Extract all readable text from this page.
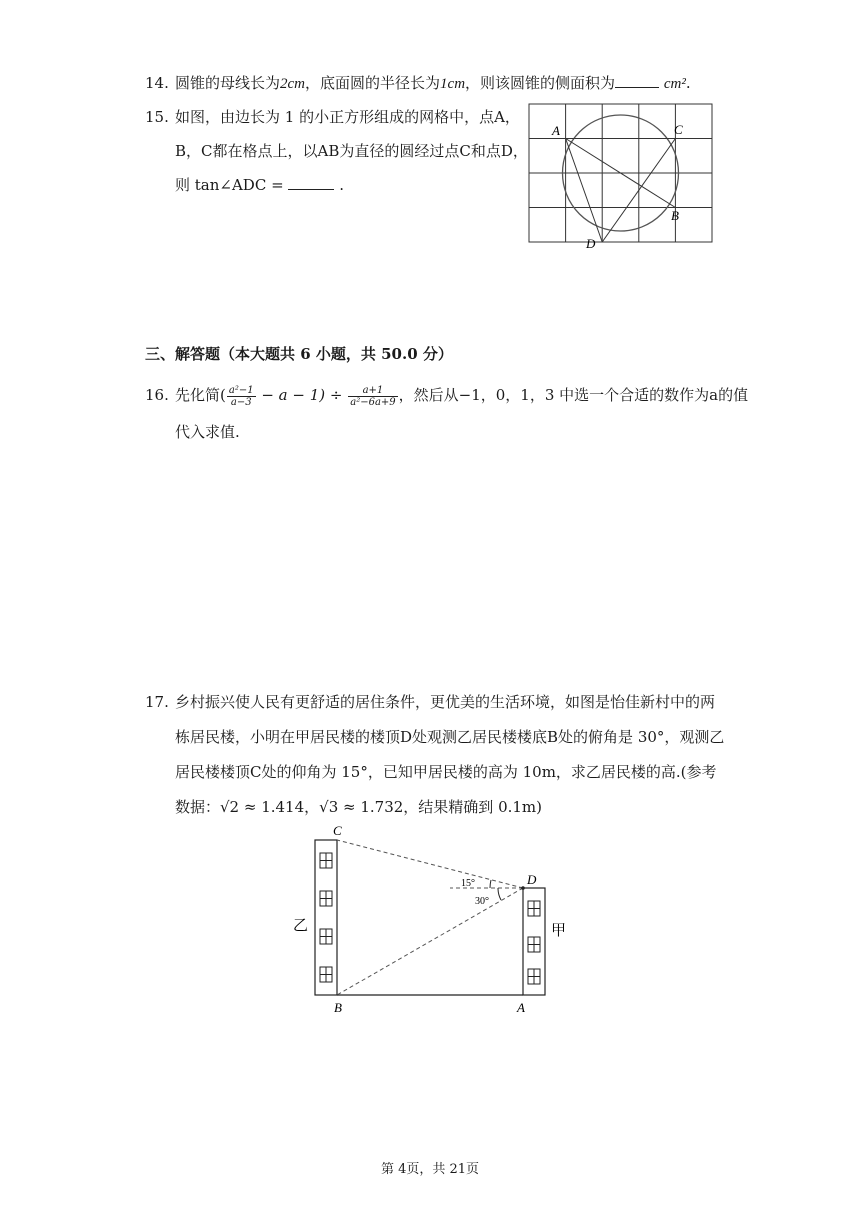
14. 圆锥的母线长为2cm，底面圆的半径长为1cm，则该圆锥的侧面积为	cm².
15. 如图，由边长为 1 的小正方形组成的网格中，点A，
B，C都在格点上，以AB为直径的圆经过点C和点D，
则 tan∠ADC =	.
A	C
B
D
三、解答题（本大题共 6 小题，共 50.0 分）
16. 先化简( $\frac{\text{a²−1}}{a-3} - a - 1) \div \frac{a+1}{\text{a²−6a+9}}$ ，然后从−1，0，1，3 中选一个合适的数作为a的值
代入求值.
17. 乡村振兴使人民有更舒适的居住条件，更优美的生活环境，如图是怡佳新村中的两
栋居民楼，小明在甲居民楼的楼顶D处观测乙居民楼楼底B处的俯角是 30°，观测乙
居民楼楼顶C处的仰角为 15°，已知甲居民楼的高为 10m，求乙居民楼的高.(参考
数据：√2 ≈ 1.414，√3 ≈ 1.732，结果精确到 0.1m)
15°
30°
C
D
B	A
乙	甲
第 4页，共 21页
